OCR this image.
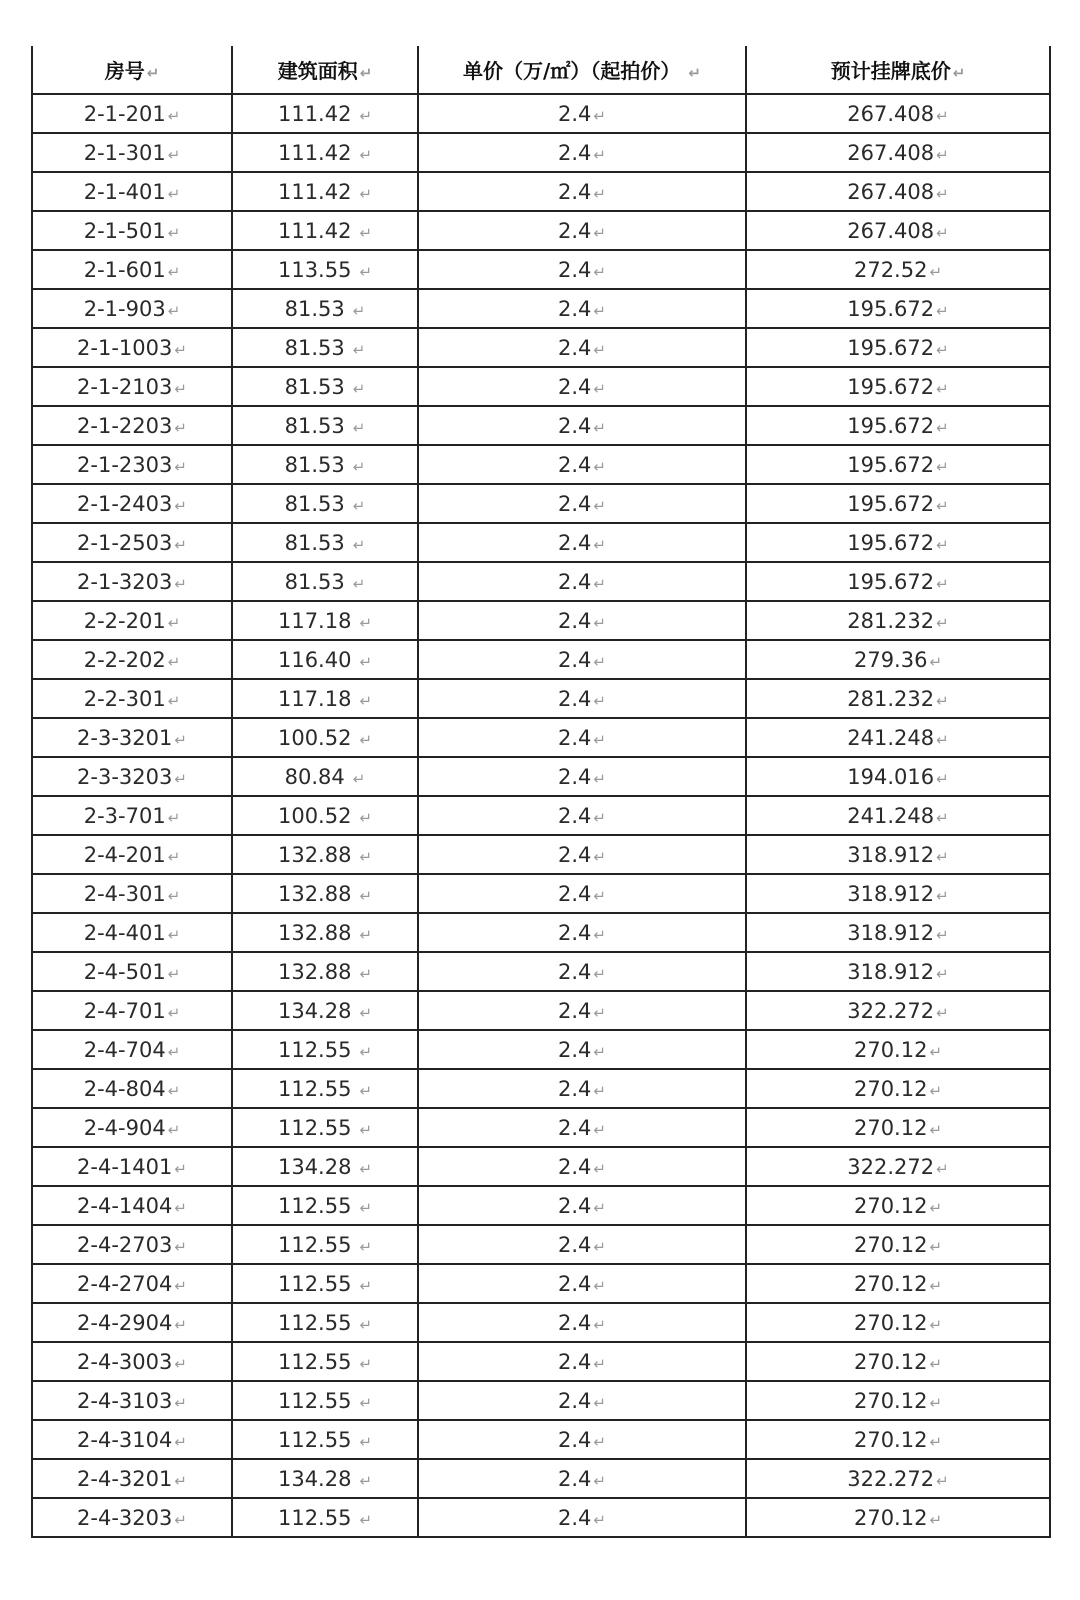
房号 ↵	建筑面积 ↵	单价（万/㎡）（起拍价） ↵	预计挂牌底价 ↵
2-1-201 ↵	111.42 ↵	2.4 ↵	267.408 ↵
2-1-301 ↵	111.42 ↵	2.4 ↵	267.408 ↵
2-1-401 ↵	111.42 ↵	2.4 ↵	267.408 ↵
2-1-501 ↵	111.42 ↵	2.4 ↵	267.408 ↵
2-1-601 ↵	113.55 ↵	2.4 ↵	272.52 ↵
2-1-903 ↵	81.53 ↵	2.4 ↵	195.672 ↵
2-1-1003 ↵	81.53 ↵	2.4 ↵	195.672 ↵
2-1-2103 ↵	81.53 ↵	2.4 ↵	195.672 ↵
2-1-2203 ↵	81.53 ↵	2.4 ↵	195.672 ↵
2-1-2303 ↵	81.53 ↵	2.4 ↵	195.672 ↵
2-1-2403 ↵	81.53 ↵	2.4 ↵	195.672 ↵
2-1-2503 ↵	81.53 ↵	2.4 ↵	195.672 ↵
2-1-3203 ↵	81.53 ↵	2.4 ↵	195.672 ↵
2-2-201 ↵	117.18 ↵	2.4 ↵	281.232 ↵
2-2-202 ↵	116.40 ↵	2.4 ↵	279.36 ↵
2-2-301 ↵	117.18 ↵	2.4 ↵	281.232 ↵
2-3-3201 ↵	100.52 ↵	2.4 ↵	241.248 ↵
2-3-3203 ↵	80.84 ↵	2.4 ↵	194.016 ↵
2-3-701 ↵	100.52 ↵	2.4 ↵	241.248 ↵
2-4-201 ↵	132.88 ↵	2.4 ↵	318.912 ↵
2-4-301 ↵	132.88 ↵	2.4 ↵	318.912 ↵
2-4-401 ↵	132.88 ↵	2.4 ↵	318.912 ↵
2-4-501 ↵	132.88 ↵	2.4 ↵	318.912 ↵
2-4-701 ↵	134.28 ↵	2.4 ↵	322.272 ↵
2-4-704 ↵	112.55 ↵	2.4 ↵	270.12 ↵
2-4-804 ↵	112.55 ↵	2.4 ↵	270.12 ↵
2-4-904 ↵	112.55 ↵	2.4 ↵	270.12 ↵
2-4-1401 ↵	134.28 ↵	2.4 ↵	322.272 ↵
2-4-1404 ↵	112.55 ↵	2.4 ↵	270.12 ↵
2-4-2703 ↵	112.55 ↵	2.4 ↵	270.12 ↵
2-4-2704 ↵	112.55 ↵	2.4 ↵	270.12 ↵
2-4-2904 ↵	112.55 ↵	2.4 ↵	270.12 ↵
2-4-3003 ↵	112.55 ↵	2.4 ↵	270.12 ↵
2-4-3103 ↵	112.55 ↵	2.4 ↵	270.12 ↵
2-4-3104 ↵	112.55 ↵	2.4 ↵	270.12 ↵
2-4-3201 ↵	134.28 ↵	2.4 ↵	322.272 ↵
2-4-3203 ↵	112.55 ↵	2.4 ↵	270.12 ↵
